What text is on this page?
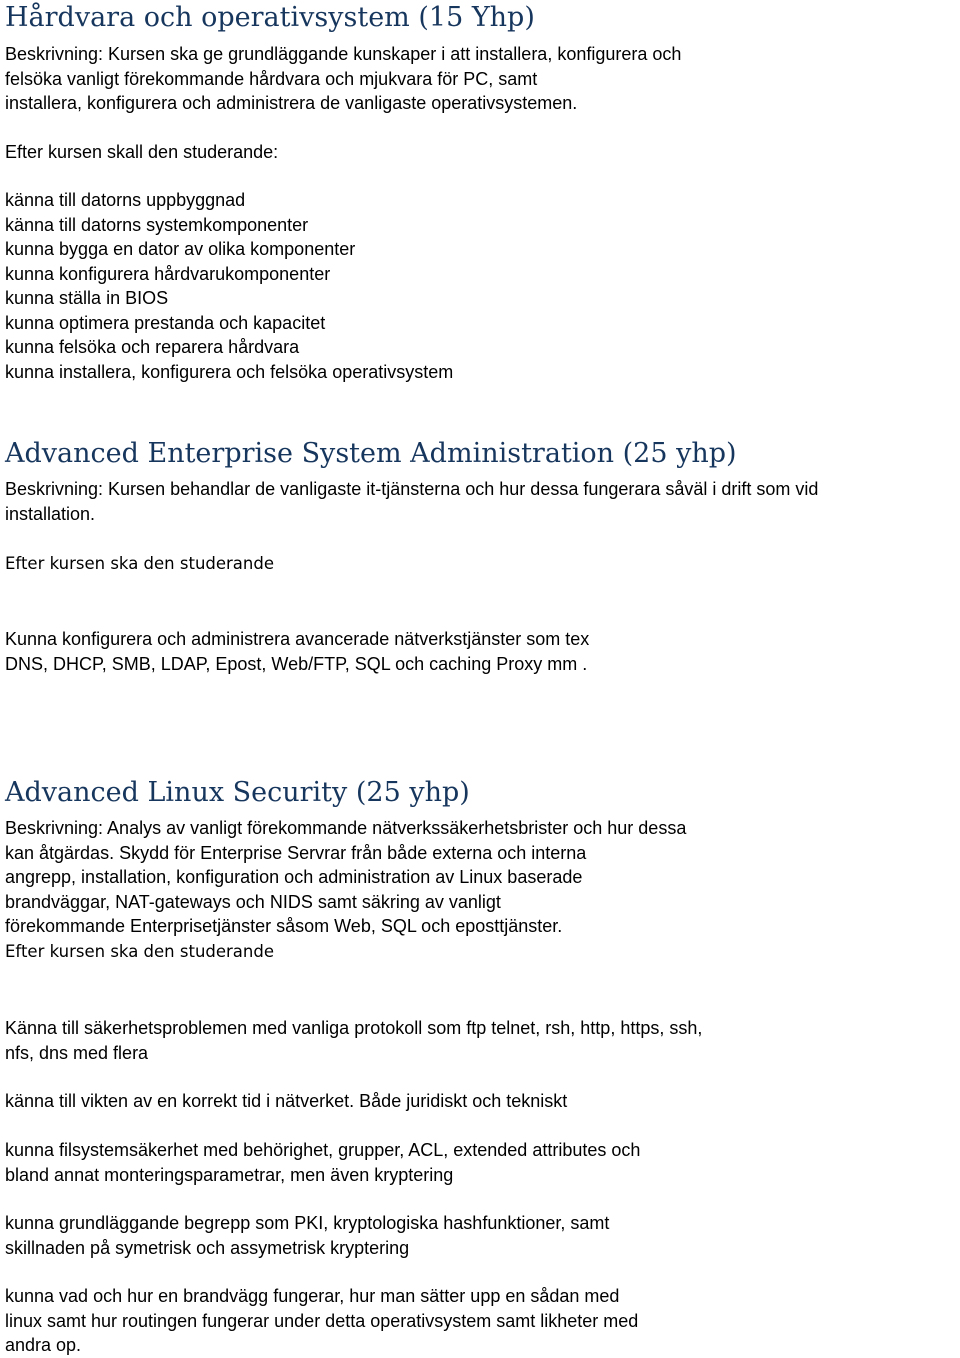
Hårdvara och operativsystem (15 Yhp)
Beskrivning: Kursen ska ge grundläggande kunskaper i att installera, konfigurera och
felsöka vanligt förekommande hårdvara och mjukvara för PC, samt
installera, konfigurera och administrera de vanligaste operativsystemen.
Efter kursen skall den studerande:
känna till datorns uppbyggnad
känna till datorns systemkomponenter
kunna bygga en dator av olika komponenter
kunna konfigurera hårdvarukomponenter
kunna ställa in BIOS
kunna optimera prestanda och kapacitet
kunna felsöka och reparera hårdvara
kunna installera, konfigurera och felsöka operativsystem
Advanced Enterprise System Administration (25 yhp)
Beskrivning: Kursen behandlar de vanligaste it-tjänsterna och hur dessa fungerara såväl i drift som vid
installation.
Efter kursen ska den studerande
Kunna konfigurera och administrera avancerade nätverkstjänster som tex
DNS, DHCP, SMB, LDAP, Epost, Web/FTP, SQL och caching Proxy mm .
Advanced Linux Security (25 yhp)
Beskrivning: Analys av vanligt förekommande nätverkssäkerhetsbrister och hur dessa
kan åtgärdas. Skydd för Enterprise Servrar från både externa och interna
angrepp, installation, konfiguration och administration av Linux baserade
brandväggar, NAT-gateways och NIDS samt säkring av vanligt
förekommande Enterprisetjänster såsom Web, SQL och eposttjänster.
Efter kursen ska den studerande
Känna till säkerhetsproblemen med vanliga protokoll som ftp telnet, rsh, http, https, ssh,
nfs, dns med flera
känna till vikten av en korrekt tid i nätverket. Både juridiskt och tekniskt
kunna filsystemsäkerhet med behörighet, grupper, ACL, extended attributes och
bland annat monteringsparametrar, men även kryptering
kunna grundläggande begrepp som PKI, kryptologiska hashfunktioner, samt
skillnaden på symetrisk och assymetrisk kryptering
kunna vad och hur en brandvägg fungerar, hur man sätter upp en sådan med
linux samt hur routingen fungerar under detta operativsystem samt likheter med
andra op.
